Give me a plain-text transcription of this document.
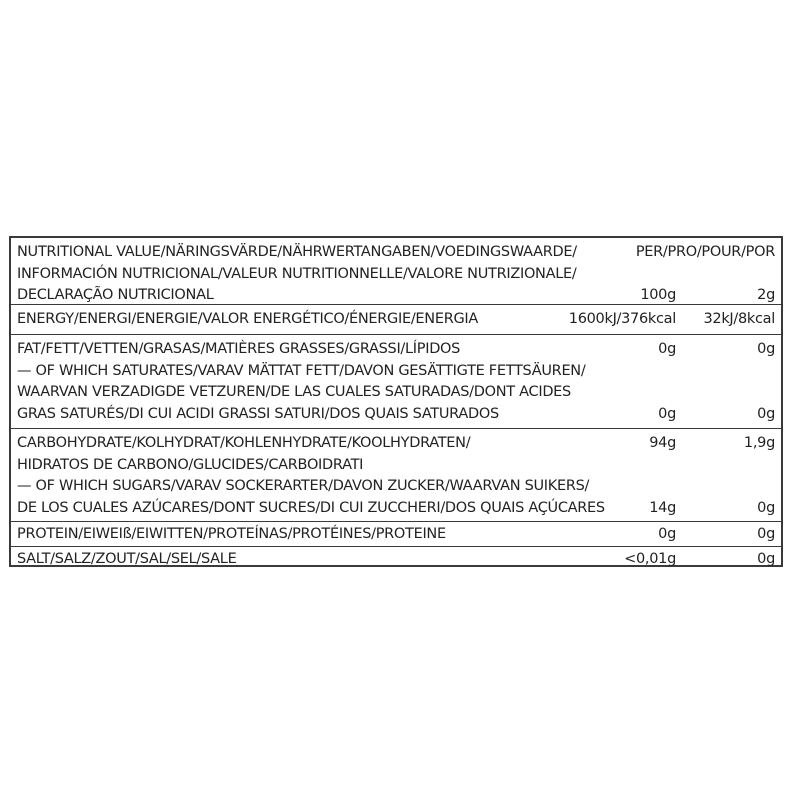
NUTRITIONAL VALUE/NÄRINGSVÄRDE/NÄHRWERTANGABEN/VOEDINGSWAARDE/	PER/PRO/POUR/POR
INFORMACIÓN NUTRICIONAL/VALEUR NUTRITIONNELLE/VALORE NUTRIZIONALE/
DECLARAÇÃO NUTRICIONAL	100g	2g
ENERGY/ENERGI/ENERGIE/VALOR ENERGÉTICO/ÉNERGIE/ENERGIA	1600kJ/376kcal 32kJ/8kcal
FAT/FETT/VETTEN/GRASAS/MATIÈRES GRASSES/GRASSI/LÍPIDOS	0g	0g
— OF WHICH SATURATES/VARAV MÄTTAT FETT/DAVON GESÄTTIGTE FETTSÄUREN/
WAARVAN VERZADIGDE VETZUREN/DE LAS CUALES SATURADAS/DONT ACIDES
GRAS SATURÉS/DI CUI ACIDI GRASSI SATURI/DOS QUAIS SATURADOS	0g	0g
CARBOHYDRATE/KOLHYDRAT/KOHLENHYDRATE/KOOLHYDRATEN/	94g	1,9g
HIDRATOS DE CARBONO/GLUCIDES/CARBOIDRATI
— OF WHICH SUGARS/VARAV SOCKERARTER/DAVON ZUCKER/WAARVAN SUIKERS/
DE LOS CUALES AZÚCARES/DONT SUCRES/DI CUI ZUCCHERI/DOS QUAIS AÇÚCARES	14g	0g
PROTEIN/EIWEIß/EIWITTEN/PROTEÍNAS/PROTÉINES/PROTEINE	0g	0g
SALT/SALZ/ZOUT/SAL/SEL/SALE	<0,01g	0g
